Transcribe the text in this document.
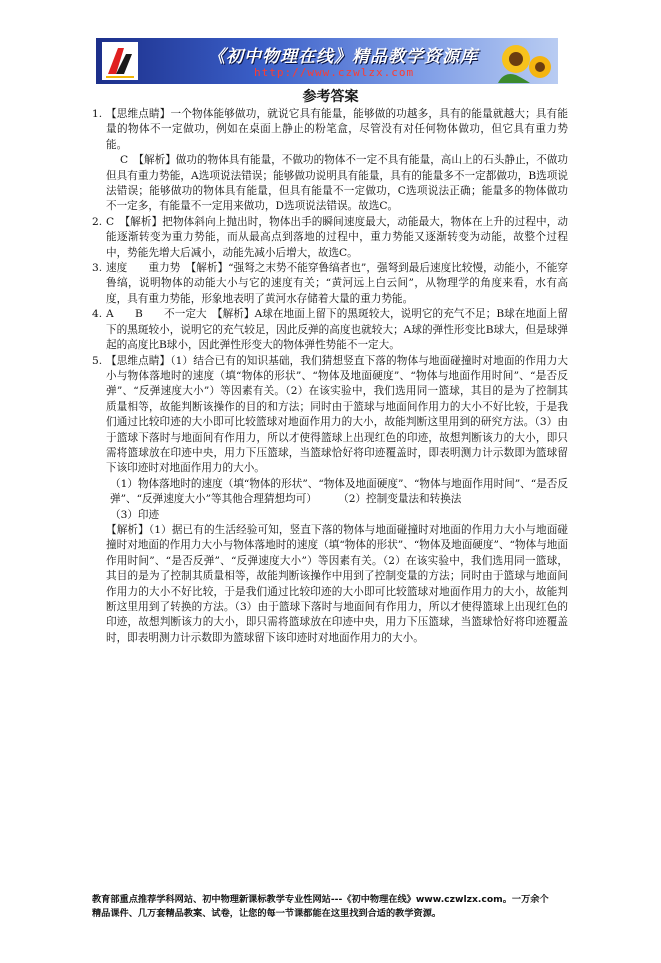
《初中物理在线》精品教学资源库
http://www.czwlzx.com
参考答案
1. 【思维点睛】一个物体能够做功，就说它具有能量，能够做的功越多，具有的能量就越大；具有能量的物体不一定做功，例如在桌面上静止的粉笔盒，尽管没有对任何物体做功，但它具有重力势能。

C　【解析】做功的物体具有能量，不做功的物体不一定不具有能量，高山上的石头静止，不做功但具有重力势能，A选项说法错误；能够做功说明具有能量，具有的能量多不一定都做功，B选项说法错误；能够做功的物体具有能量，但具有能量不一定做功，C选项说法正确；能量多的物体做功不一定多，有能量不一定用来做功，D选项说法错误。故选C。

2. C　【解析】把物体斜向上抛出时，物体出手的瞬间速度最大，动能最大，物体在上升的过程中，动能逐渐转变为重力势能，而从最高点到落地的过程中，重力势能又逐渐转变为动能，故整个过程中，势能先增大后减小，动能先减小后增大，故选C。

3. 速度　　重力势　【解析】“强弩之末势不能穿鲁缟者也”，强弩到最后速度比较慢，动能小，不能穿鲁缟，说明物体的动能大小与它的速度有关；“黄河远上白云间”，从物理学的角度来看，水有高度，具有重力势能，形象地表明了黄河水存储着大量的重力势能。

4. A　　B　　不一定大　【解析】A球在地面上留下的黑斑较大，说明它的充气不足；B球在地面上留下的黑斑较小，说明它的充气较足，因此反弹的高度也就较大；A球的弹性形变比B球大，但是球弹起的高度比B球小，因此弹性形变大的物体弹性势能不一定大。

5. 【思维点睛】（1）结合已有的知识基础，我们猜想竖直下落的物体与地面碰撞时对地面的作用力大小与物体落地时的速度（填“物体的形状”、“物体及地面硬度”、“物体与地面作用时间”、“是否反弹”、“反弹速度大小”）等因素有关。（2）在该实验中，我们选用同一篮球，其目的是为了控制其质量相等，故能判断该操作的目的和方法；同时由于篮球与地面间作用力的大小不好比较，于是我们通过比较印迹的大小即可比较篮球对地面作用力的大小，故能判断这里用到的研究方法。（3）由于篮球下落时与地面间有作用力，所以才使得篮球上出现红色的印迹，故想判断该力的大小，即只需将篮球放在印迹中央，用力下压篮球，当篮球恰好将印迹覆盖时，即表明测力计示数即为篮球留下该印迹时对地面作用力的大小。

（1）物体落地时的速度（填“物体的形状”、“物体及地面硬度”、“物体与地面作用时间”、“是否反弹”、“反弹速度大小”等其他合理猜想均可）　　　（2）控制变量法和转换法

（3）印迹

【解析】（1）据已有的生活经验可知，竖直下落的物体与地面碰撞时对地面的作用力大小与地面碰撞时对地面的作用力大小与物体落地时的速度（填“物体的形状”、“物体及地面硬度”、“物体与地面作用时间”、“是否反弹”、“反弹速度大小”）等因素有关。（2）在该实验中，我们选用同一篮球，其目的是为了控制其质量相等，故能判断该操作中用到了控制变量的方法；同时由于篮球与地面间作用力的大小不好比较，于是我们通过比较印迹的大小即可比较篮球对地面作用力的大小，故能判断这里用到了转换的方法。（3）由于篮球下落时与地面间有作用力，所以才使得篮球上出现红色的印迹，故想判断该力的大小，即只需将篮球放在印迹中央，用力下压篮球，当篮球恰好将印迹覆盖时，即表明测力计示数即为篮球留下该印迹时对地面作用力的大小。

教育部重点推荐学科网站、初中物理新课标教学专业性网站---《初中物理在线》www.czwlzx.com。一万余个
精品课件、几万套精品教案、试卷，让您的每一节课都能在这里找到合适的教学资源。
